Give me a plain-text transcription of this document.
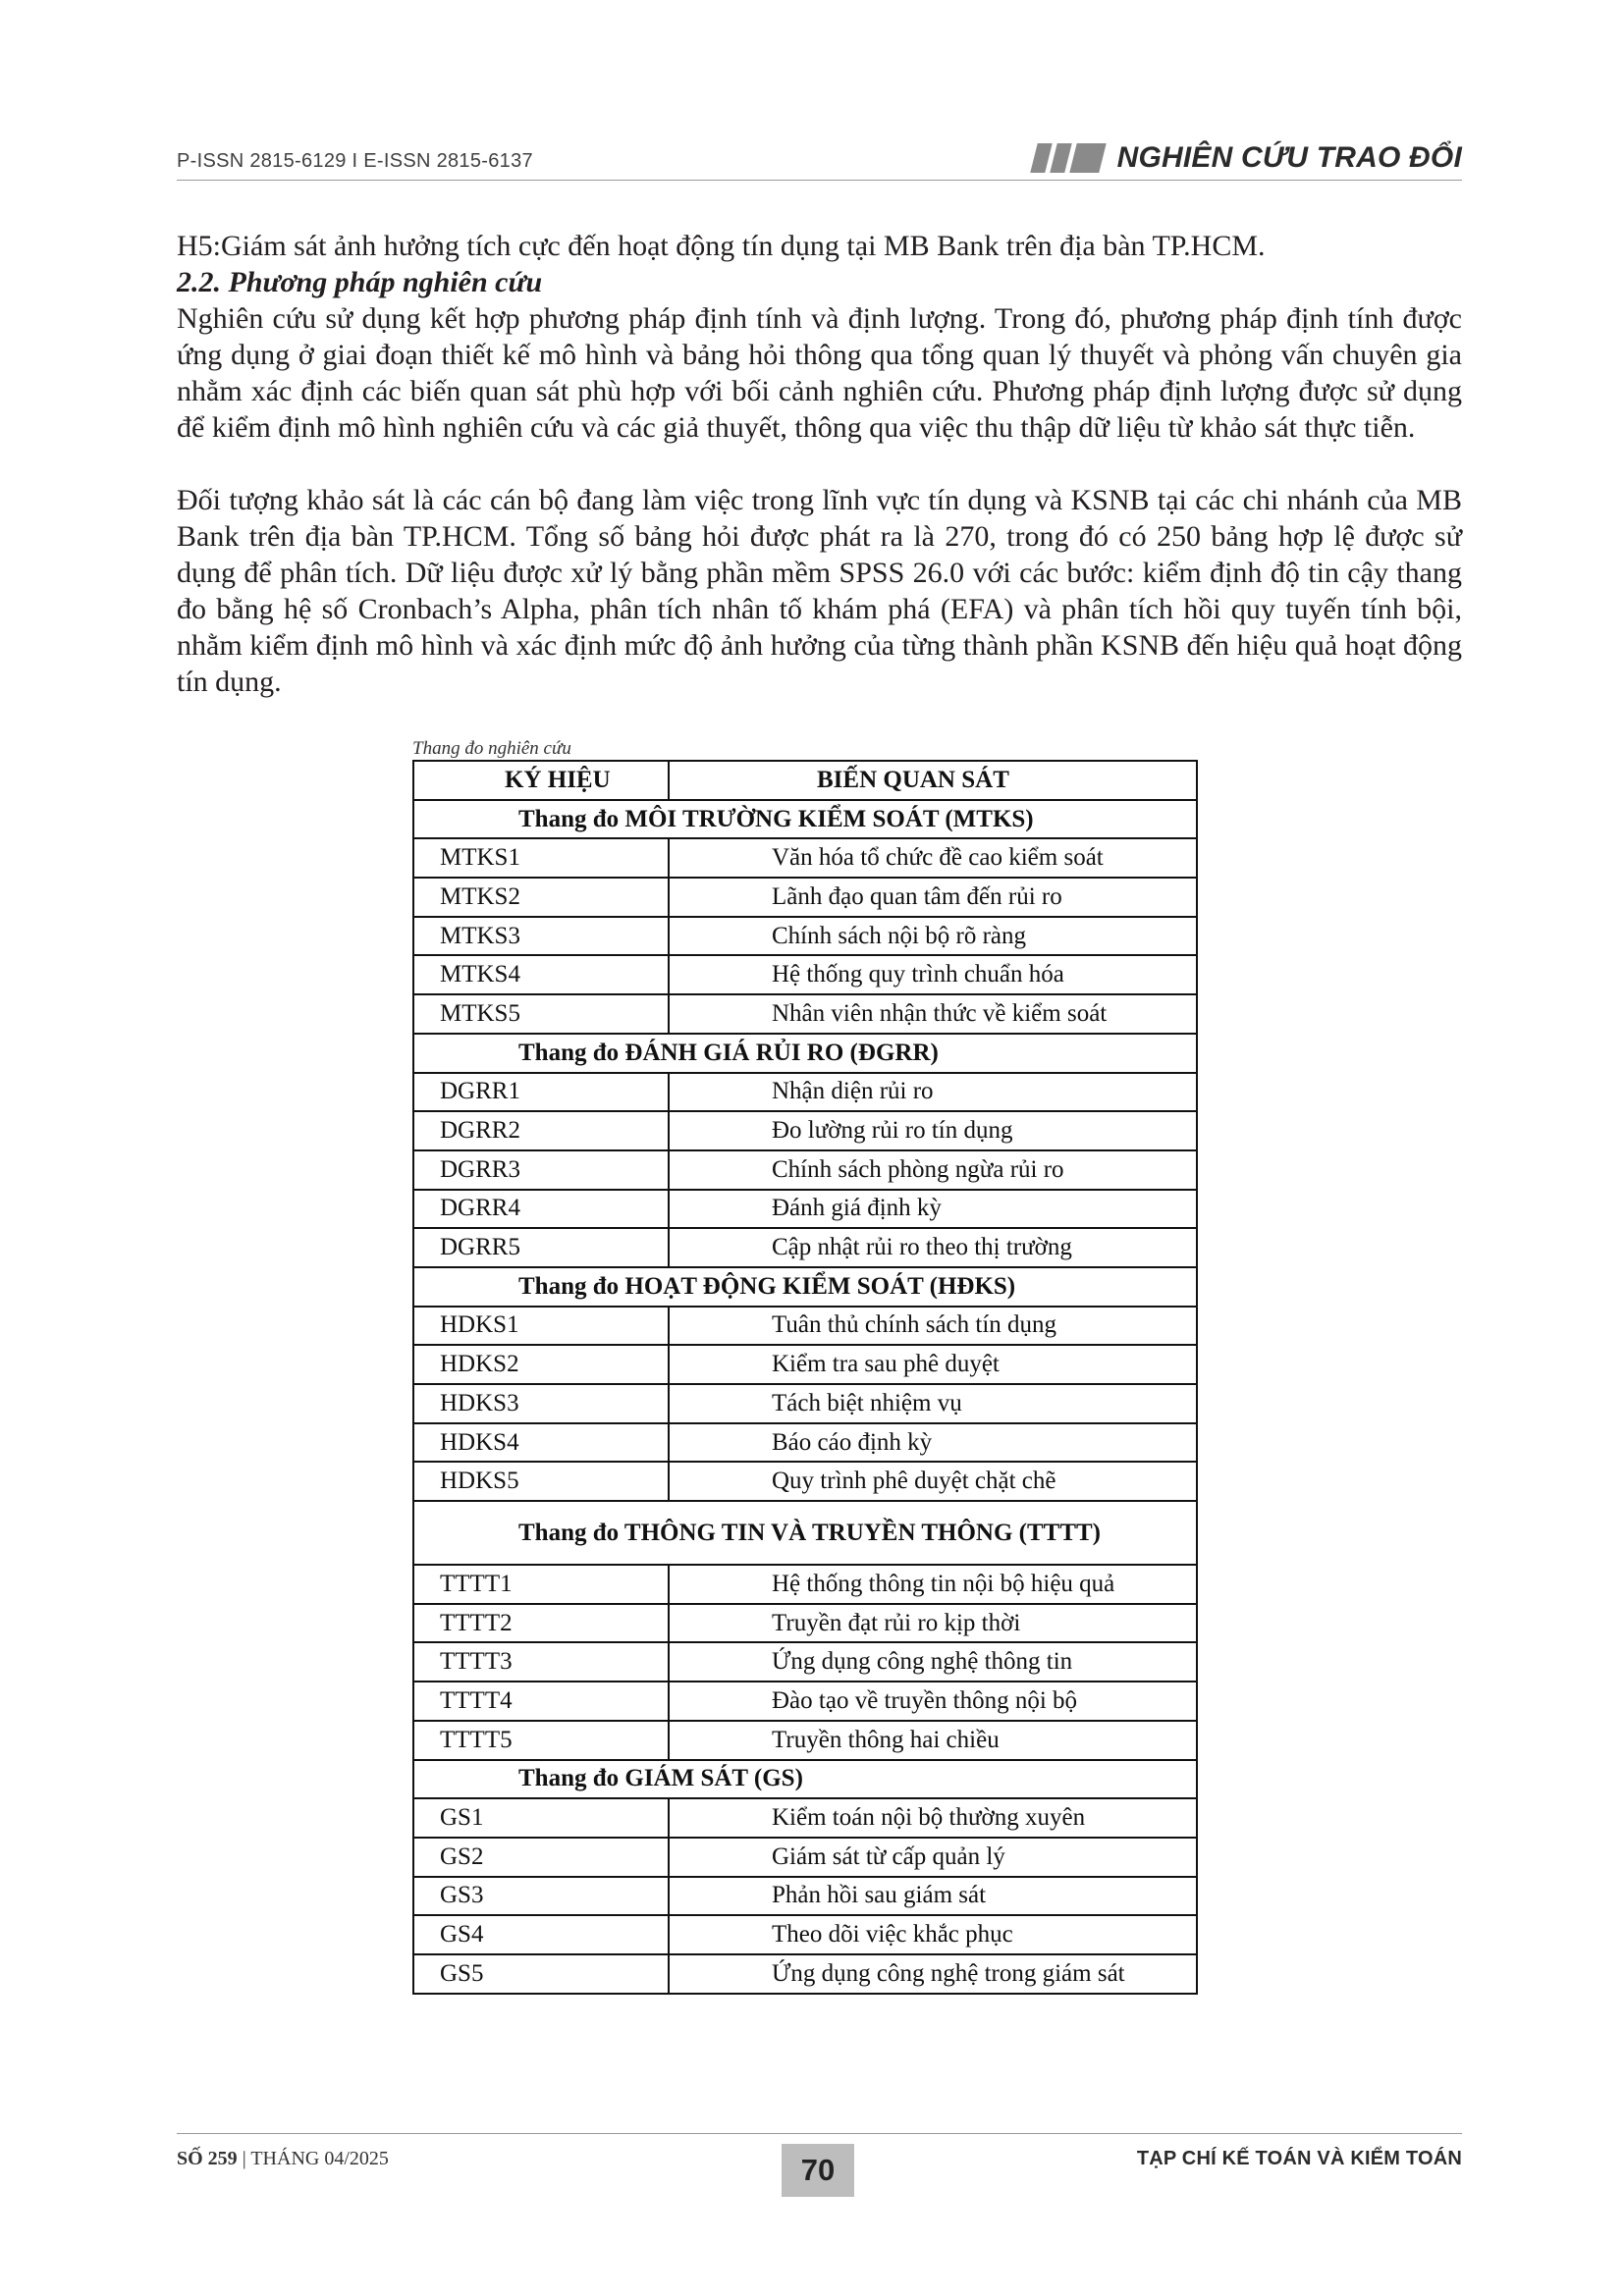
P-ISSN 2815-6129 I E-ISSN 2815-6137	NGHIÊN CỨU TRAO ĐỔI

H5:Giám sát ảnh hưởng tích cực đến hoạt động tín dụng tại MB Bank trên địa bàn TP.HCM.

2.2. Phương pháp nghiên cứu

Nghiên cứu sử dụng kết hợp phương pháp định tính và định lượng. Trong đó, phương pháp định tính được ứng dụng ở giai đoạn thiết kế mô hình và bảng hỏi thông qua tổng quan lý thuyết và phỏng vấn chuyên gia nhằm xác định các biến quan sát phù hợp với bối cảnh nghiên cứu. Phương pháp định lượng được sử dụng để kiểm định mô hình nghiên cứu và các giả thuyết, thông qua việc thu thập dữ liệu từ khảo sát thực tiễn.

Đối tượng khảo sát là các cán bộ đang làm việc trong lĩnh vực tín dụng và KSNB tại các chi nhánh của MB Bank trên địa bàn TP.HCM. Tổng số bảng hỏi được phát ra là 270, trong đó có 250 bảng hợp lệ được sử dụng để phân tích. Dữ liệu được xử lý bằng phần mềm SPSS 26.0 với các bước: kiểm định độ tin cậy thang đo bằng hệ số Cronbach’s Alpha, phân tích nhân tố khám phá (EFA) và phân tích hồi quy tuyến tính bội, nhằm kiểm định mô hình và xác định mức độ ảnh hưởng của từng thành phần KSNB đến hiệu quả hoạt động tín dụng.

Thang đo nghiên cứu
KÝ HIỆU	BIẾN QUAN SÁT
Thang đo MÔI TRƯỜNG KIỂM SOÁT (MTKS)	
MTKS1	Văn hóa tổ chức đề cao kiểm soát
MTKS2	Lãnh đạo quan tâm đến rủi ro
MTKS3	Chính sách nội bộ rõ ràng
MTKS4	Hệ thống quy trình chuẩn hóa
MTKS5	Nhân viên nhận thức về kiểm soát
Thang đo ĐÁNH GIÁ RỦI RO (ĐGRR)	
DGRR1	Nhận diện rủi ro
DGRR2	Đo lường rủi ro tín dụng
DGRR3	Chính sách phòng ngừa rủi ro
DGRR4	Đánh giá định kỳ
DGRR5	Cập nhật rủi ro theo thị trường
Thang đo HOẠT ĐỘNG KIỂM SOÁT (HĐKS)	
HDKS1	Tuân thủ chính sách tín dụng
HDKS2	Kiểm tra sau phê duyệt
HDKS3	Tách biệt nhiệm vụ
HDKS4	Báo cáo định kỳ
HDKS5	Quy trình phê duyệt chặt chẽ
Thang đo THÔNG TIN VÀ TRUYỀN THÔNG (TTTT)	
TTTT1	Hệ thống thông tin nội bộ hiệu quả
TTTT2	Truyền đạt rủi ro kịp thời
TTTT3	Ứng dụng công nghệ thông tin
TTTT4	Đào tạo về truyền thông nội bộ
TTTT5	Truyền thông hai chiều
Thang đo GIÁM SÁT (GS)	
GS1	Kiểm toán nội bộ thường xuyên
GS2	Giám sát từ cấp quản lý
GS3	Phản hồi sau giám sát
GS4	Theo dõi việc khắc phục
GS5	Ứng dụng công nghệ trong giám sát
SỐ 259 | THÁNG 04/2025	70	TẠP CHÍ KẾ TOÁN VÀ KIỂM TOÁN
